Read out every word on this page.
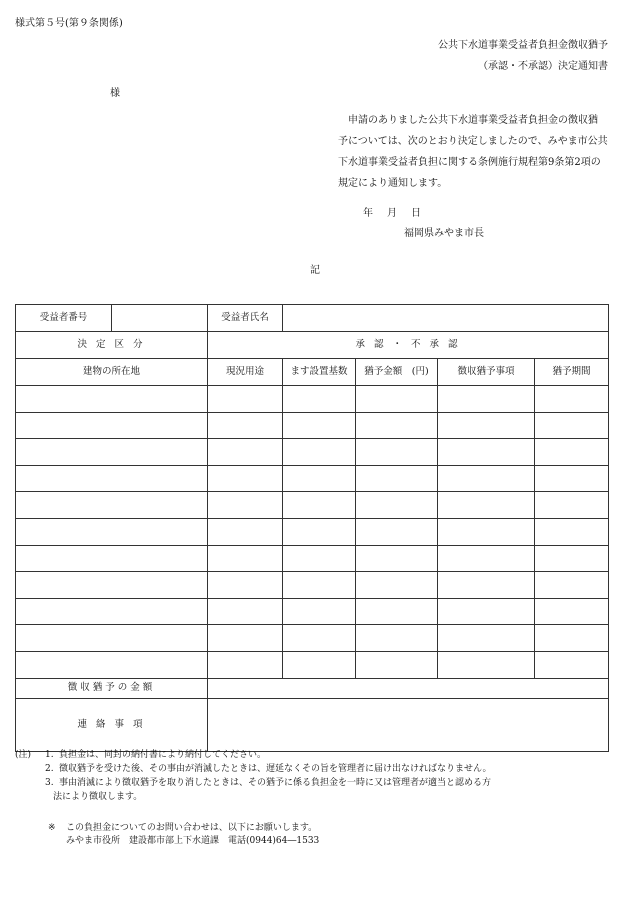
様式第５号(第９条関係)
公共下水道事業受益者負担金徴収猶予
（承認・不承認）決定通知書
様

申請のありました公共下水道事業受益者負担金の徴収猶

予については、次のとおり決定しましたので、みやま市公共

下水道事業受益者負担に関する条例施行規程第9条第2項の

規定により通知します。

年　月　日
福岡県みやま市長
記
受益者番号		受益者氏名				
決 定 区 分		承 認 ・ 不 承 認				
建物の所在地		現況用途	ます設置基数	猶予金額　(円)	徴収猶予事項	猶予期間

徴収猶予の金額						
連 絡 事 項						
(注)	1. 負担金は、同封の納付書により納付してください。
2. 徴収猶予を受けた後、その事由が消滅したときは、遅延なくその旨を管理者に届け出なければなりません。
3. 事由消滅により徴収猶予を取り消したときは、その猶予に係る負担金を一時に又は管理者が適当と認める方
法により徴収します。
※ この負担金についてのお問い合わせは、以下にお願いします。
みやま市役所　建設都市部上下水道課　電話(0944)64―1533
